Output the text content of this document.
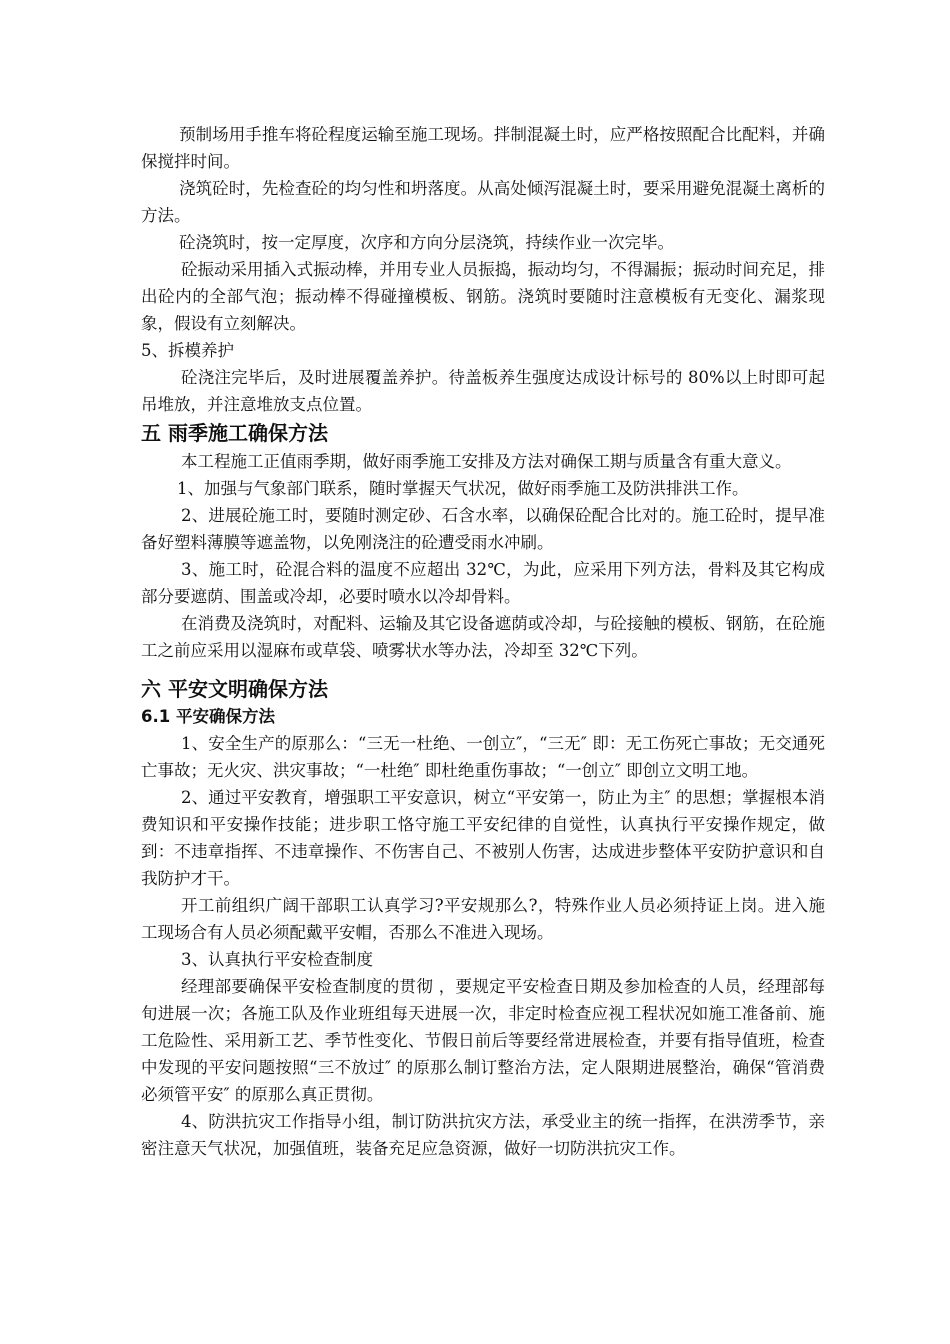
预制场用手推车将砼程度运输至施工现场。拌制混凝土时，应严格按照配合比配料，并确保搅拌时间。

浇筑砼时，先检查砼的均匀性和坍落度。从高处倾泻混凝土时，要采用避免混凝土离析的方法。

砼浇筑时，按一定厚度，次序和方向分层浇筑，持续作业一次完毕。

砼振动采用插入式振动棒，并用专业人员振捣，振动均匀，不得漏振；振动时间充足，排出砼内的全部气泡；振动棒不得碰撞模板、钢筋。浇筑时要随时注意模板有无变化、漏浆现象，假设有立刻解决。

5、拆模养护

砼浇注完毕后，及时进展覆盖养护。待盖板养生强度达成设计标号的 80%以上时即可起吊堆放，并注意堆放支点位置。

五 雨季施工确保方法

本工程施工正值雨季期，做好雨季施工安排及方法对确保工期与质量含有重大意义。

1、加强与气象部门联系，随时掌握天气状况，做好雨季施工及防洪排洪工作。

2、进展砼施工时，要随时测定砂、石含水率，以确保砼配合比对的。施工砼时，提早准备好塑料薄膜等遮盖物，以免刚浇注的砼遭受雨水冲刷。

3、施工时，砼混合料的温度不应超出 32℃，为此，应采用下列方法，骨料及其它构成部分要遮荫、围盖或冷却，必要时喷水以冷却骨料。

在消费及浇筑时，对配料、运输及其它设备遮荫或冷却，与砼接触的模板、钢筋，在砼施工之前应采用以湿麻布或草袋、喷雾状水等办法，冷却至 32℃下列。

六 平安文明确保方法
6.1 平安确保方法

1、安全生产的原那么：“三无一杜绝、一创立″，“三无″ 即：无工伤死亡事故；无交通死亡事故；无火灾、洪灾事故；“一杜绝″ 即杜绝重伤事故；“一创立″ 即创立文明工地。

2、通过平安教育，增强职工平安意识，树立“平安第一，防止为主″ 的思想；掌握根本消费知识和平安操作技能；进步职工恪守施工平安纪律的自觉性，认真执行平安操作规定，做到：不违章指挥、不违章操作、不伤害自己、不被别人伤害，达成进步整体平安防护意识和自我防护才干。

开工前组织广阔干部职工认真学习?平安规那么?，特殊作业人员必须持证上岗。进入施工现场合有人员必须配戴平安帽，否那么不准进入现场。

3、认真执行平安检查制度

经理部要确保平安检查制度的贯彻 ，要规定平安检查日期及参加检查的人员，经理部每旬进展一次；各施工队及作业班组每天进展一次，非定时检查应视工程状况如施工准备前、施工危险性、采用新工艺、季节性变化、节假日前后等要经常进展检查，并要有指导值班，检查中发现的平安问题按照“三不放过″ 的原那么制订整治方法，定人限期进展整治，确保“管消费必须管平安″ 的原那么真正贯彻。

4、防洪抗灾工作指导小组，制订防洪抗灾方法，承受业主的统一指挥，在洪涝季节，亲密注意天气状况，加强值班，装备充足应急资源，做好一切防洪抗灾工作。
